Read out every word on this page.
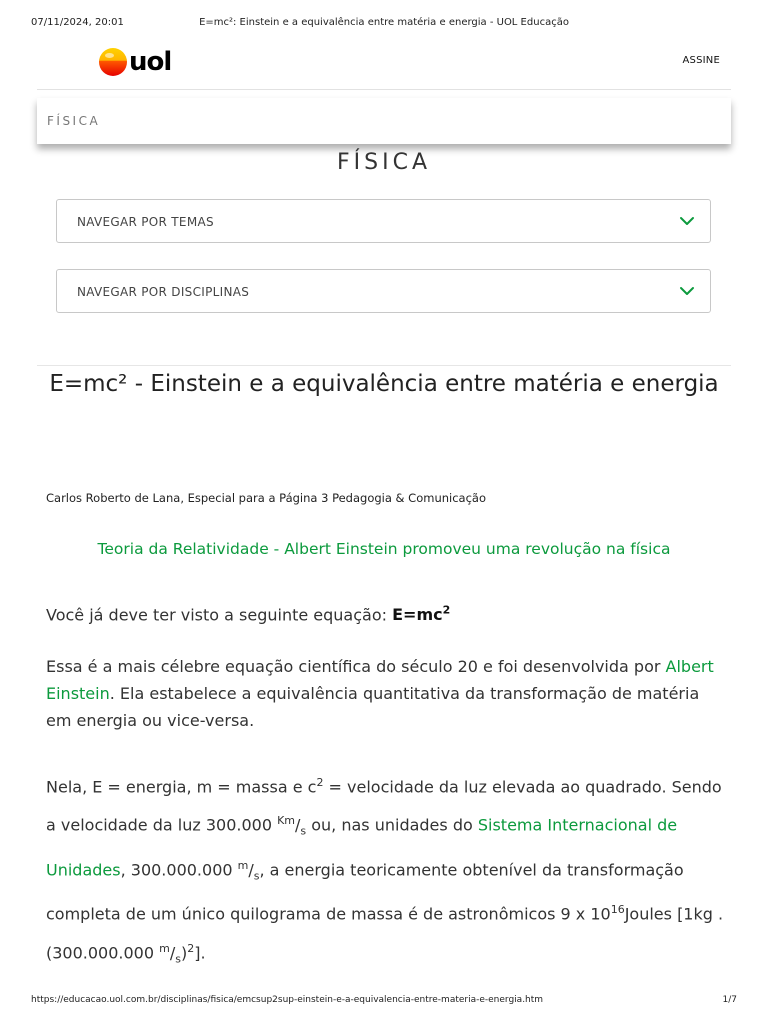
07/11/2024, 20:01	E=mc²: Einstein e a equivalência entre matéria e energia - UOL Educação
uol	ASSINE
FÍSICA
FÍSICA
NAVEGAR POR TEMAS
NAVEGAR POR DISCIPLINAS
E=mc² - Einstein e a equivalência entre matéria e energia
Carlos Roberto de Lana, Especial para a Página 3 Pedagogia & Comunicação
Teoria da Relatividade - Albert Einstein promoveu uma revolução na física

Você já deve ter visto a seguinte equação: $E=mc^2$

Essa é a mais célebre equação científica do século 20 e foi desenvolvida por Albert Einstein. Ela estabelece a equivalência quantitativa da transformação de matéria em energia ou vice-versa.

Nela, E = energia, m = massa e $c^2$ = velocidade da luz elevada ao quadrado. Sendo a velocidade da luz 300.000 $^{Km}/_s$ ou, nas unidades do Sistema Internacional de Unidades, 300.000.000 $^m/_s$, a energia teoricamente obtenível da transformação completa de um único quilograma de massa é de astronômicos 9 x $10^{16}Joules$ [1kg . (300.000.000 $^m/_s)^2$].

https://educacao.uol.com.br/disciplinas/fisica/emcsup2sup-einstein-e-a-equivalencia-entre-materia-e-energia.htm	1/7
